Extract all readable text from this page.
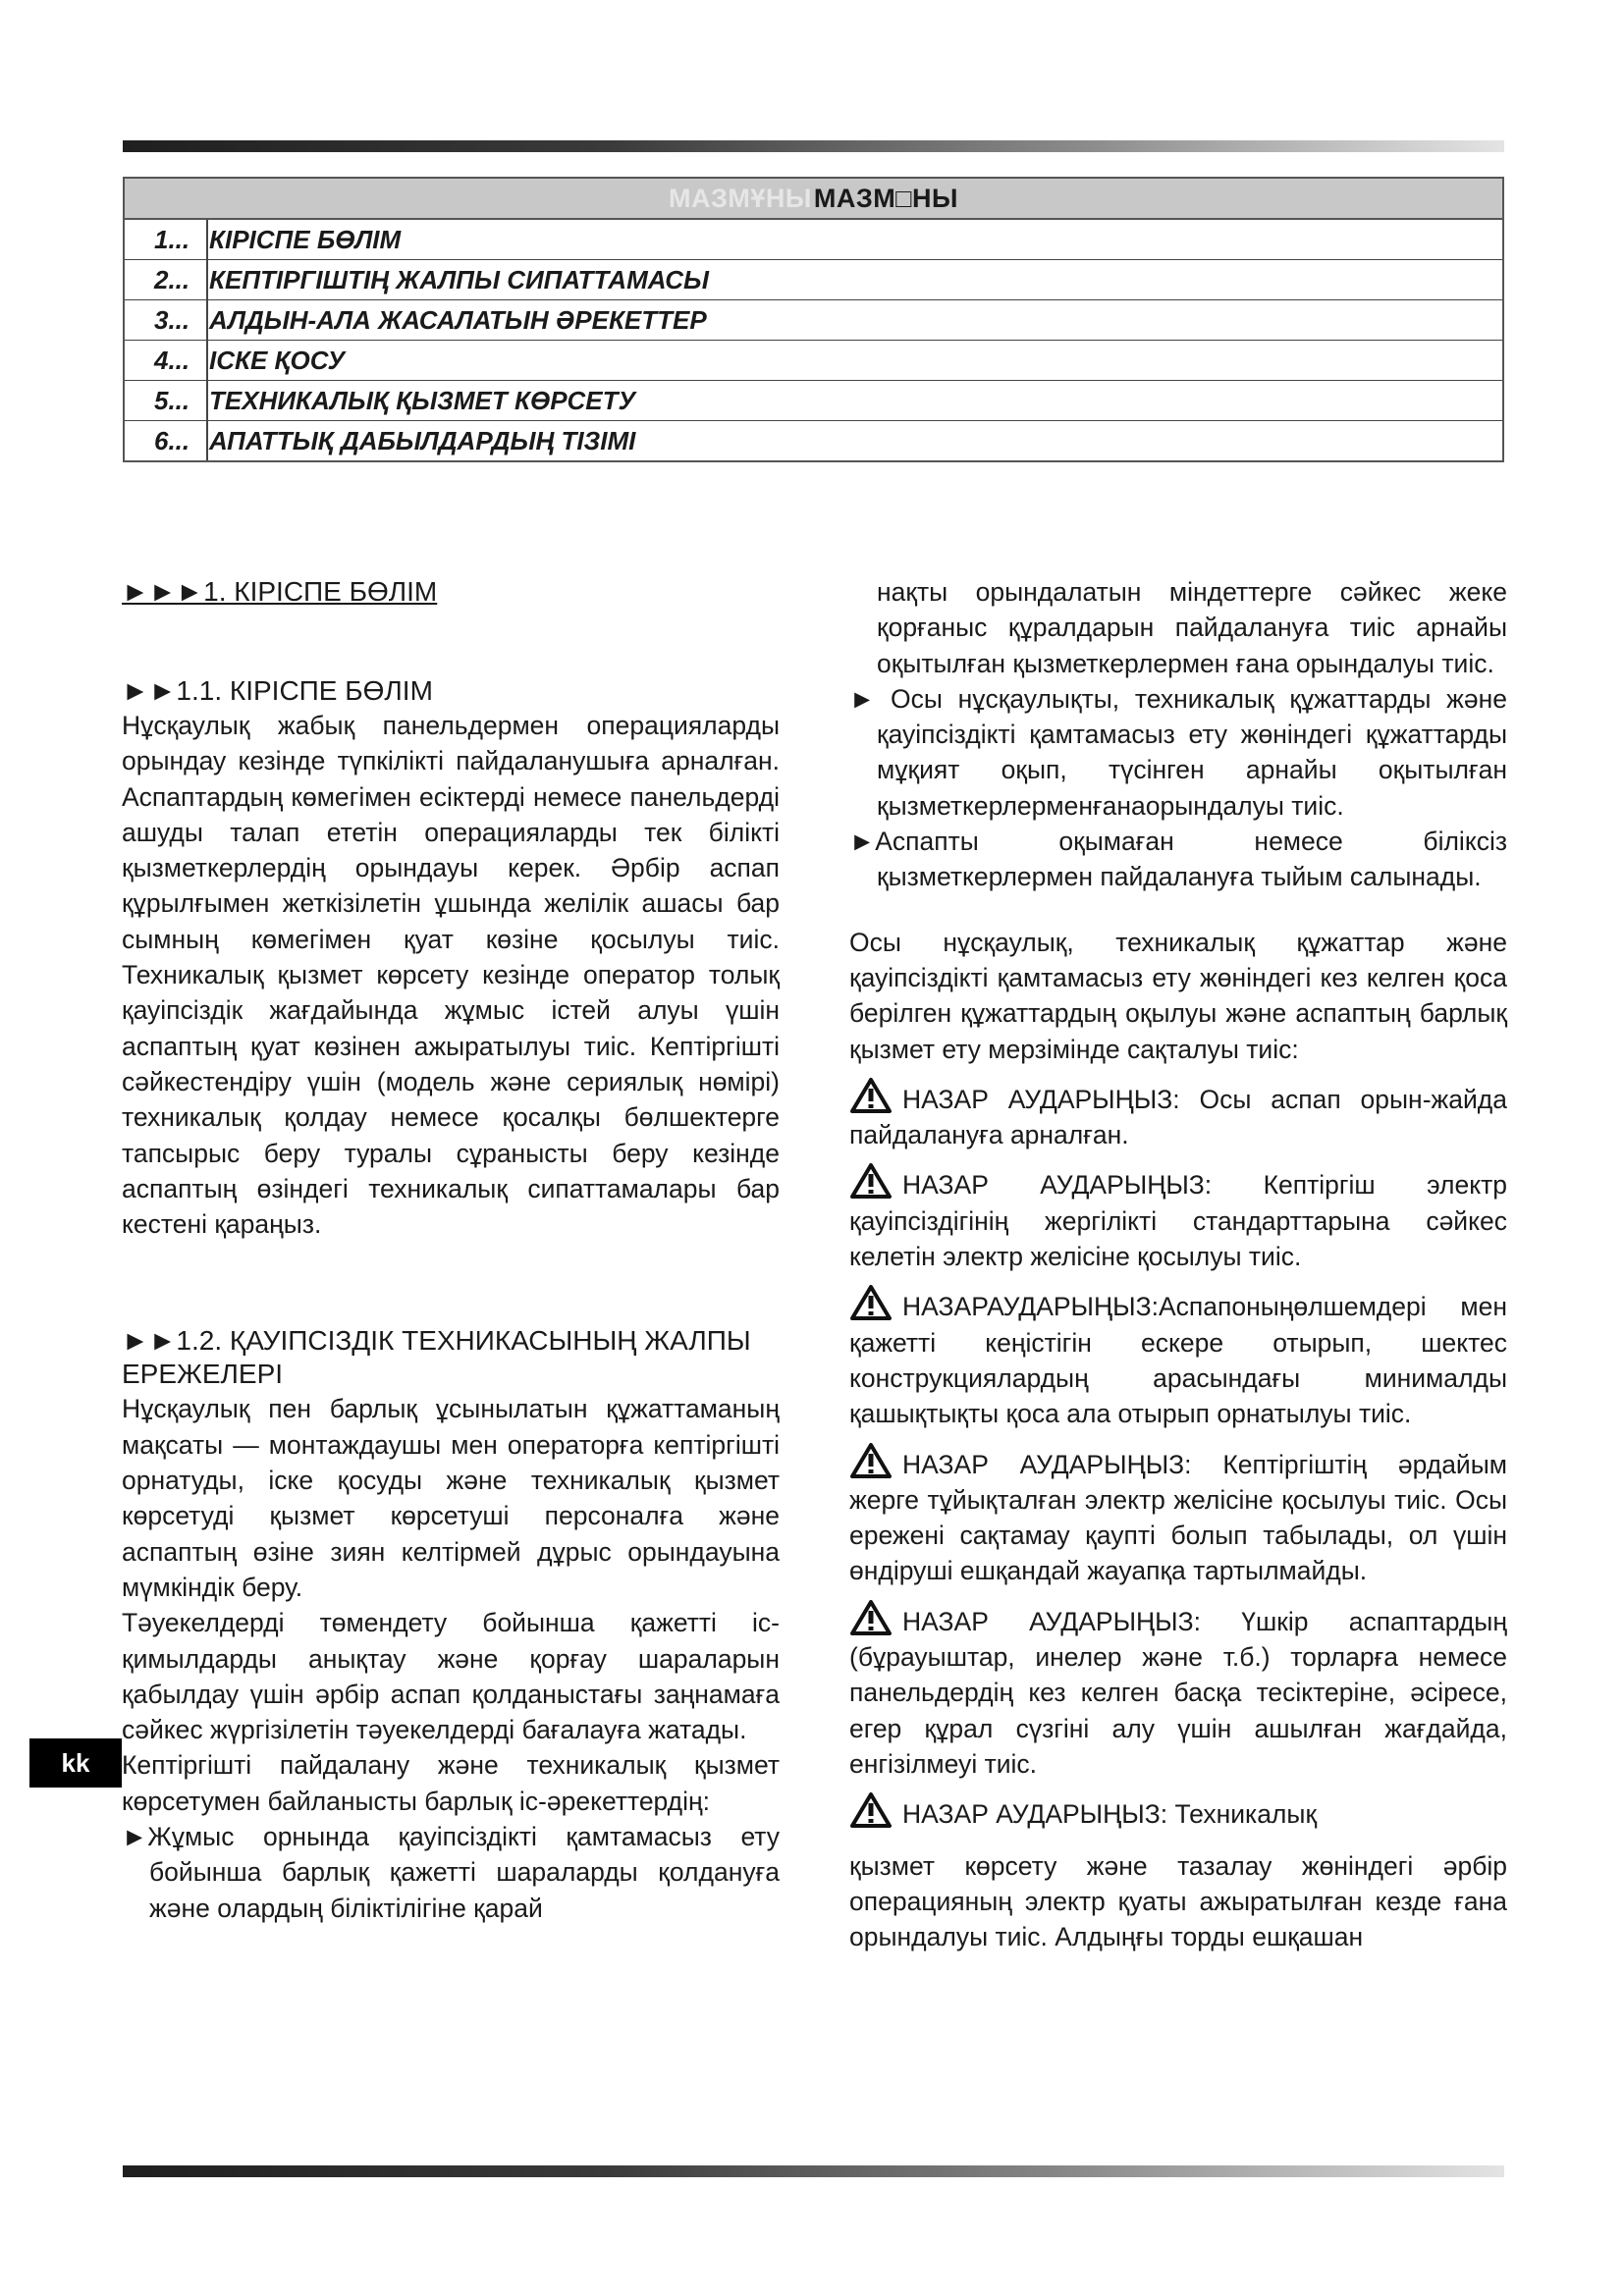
МАЗМҰНЫ МАЗМ□НЫ
1... КІРІСПЕ БӨЛІМ
2... КЕПТІРГІШТІҢ ЖАЛПЫ СИПАТТАМАСЫ
3... АЛДЫН-АЛА ЖАСАЛАТЫН ӘРЕКЕТТЕР
4... ІСКЕ ҚОСУ
5... ТЕХНИКАЛЫҚ ҚЫЗМЕТ КӨРСЕТУ
6... АПАТТЫҚ ДАБЫЛДАРДЫҢ ТІЗІМІ

►►►1. КІРІСПЕ БӨЛІМ

►►1.1. КІРІСПЕ БӨЛІМ

Нұсқаулық жабық панельдермен операцияларды орындау кезінде түпкілікті пайдаланушыға арналған. Аспаптардың көмегімен есіктерді немесе панельдерді ашуды талап ететін операцияларды тек білікті қызметкерлердің орындауы керек. Әрбір аспап құрылғымен жеткізілетін ұшында желілік ашасы бар сымның көмегімен қуат көзіне қосылуы тиіс. Техникалық қызмет көрсету кезінде оператор толық қауіпсіздік жағдайында жұмыс істей алуы үшін аспаптың қуат көзінен ажыратылуы тиіс. Кептіргішті сәйкестендіру үшін (модель және сериялық нөмірі) техникалық қолдау немесе қосалқы бөлшектерге тапсырыс беру туралы сұранысты беру кезінде аспаптың өзіндегі техникалық сипаттамалары бар кестені қараңыз.

►►1.2. ҚАУІПСІЗДІК ТЕХНИКАСЫНЫҢ ЖАЛПЫ ЕРЕЖЕЛЕРІ

Нұсқаулық пен барлық ұсынылатын құжаттаманың мақсаты — монтаждаушы мен операторға кептіргішті орнатуды, іске қосуды және техникалық қызмет көрсетуді қызмет көрсетуші персоналға және аспаптың өзіне зиян келтірмей дұрыс орындауына мүмкіндік беру.

Тәуекелдерді төмендету бойынша қажетті іс-қимылдарды анықтау және қорғау шараларын қабылдау үшін әрбір аспап қолданыстағы заңнамаға сәйкес жүргізілетін тәуекелдерді бағалауға жатады.

Кептіргішті пайдалану және техникалық қызмет көрсетумен байланысты барлық іс-әрекеттердің:

►Жұмыс орнында қауіпсіздікті қамтамасыз ету бойынша барлық қажетті шараларды қолдануға және олардың біліктілігіне қарай

нақты орындалатын міндеттерге сәйкес жеке қорғаныс құралдарын пайдалануға тиіс арнайы оқытылған қызметкерлермен ғана орындалуы тиіс.

► Осы нұсқаулықты, техникалық құжаттарды және қауіпсіздікті қамтамасыз ету жөніндегі құжаттарды мұқият оқып, түсінген арнайы оқытылған қызметкерлерменғанаорындалуы тиіс.

►Аспапты оқымаған немесе біліксіз қызметкерлермен пайдалануға тыйым салынады.

Осы нұсқаулық, техникалық құжаттар және қауіпсіздікті қамтамасыз ету жөніндегі кез келген қоса берілген құжаттардың оқылуы және аспаптың барлық қызмет ету мерзімінде сақталуы тиіс:

НАЗАР АУДАРЫҢЫЗ: Осы аспап орын-жайда пайдалануға арналған.

НАЗАР АУДАРЫҢЫЗ: Кептіргіш электр қауіпсіздігінің жергілікті стандарттарына сәйкес келетін электр желісіне қосылуы тиіс.

НАЗАРАУДАРЫҢЫЗ:Аспапоныңөлшемдері мен қажетті кеңістігін ескере отырып, шектес конструкциялардың арасындағы минималды қашықтықты қоса ала отырып орнатылуы тиіс.

НАЗАР АУДАРЫҢЫЗ: Кептіргіштің әрдайым жерге тұйықталған электр желісіне қосылуы тиіс. Осы ережені сақтамау қаупті болып табылады, ол үшін өндіруші ешқандай жауапқа тартылмайды.

НАЗАР АУДАРЫҢЫЗ: Үшкір аспаптардың (бұрауыштар, инелер және т.б.) торларға немесе панельдердің кез келген басқа тесіктеріне, әсіресе, егер құрал сүзгіні алу үшін ашылған жағдайда, енгізілмеуі тиіс.

НАЗАР АУДАРЫҢЫЗ: Техникалық

қызмет көрсету және тазалау жөніндегі әрбір операцияның электр қуаты ажыратылған кезде ғана орындалуы тиіс. Алдыңғы торды ешқашан

kk
